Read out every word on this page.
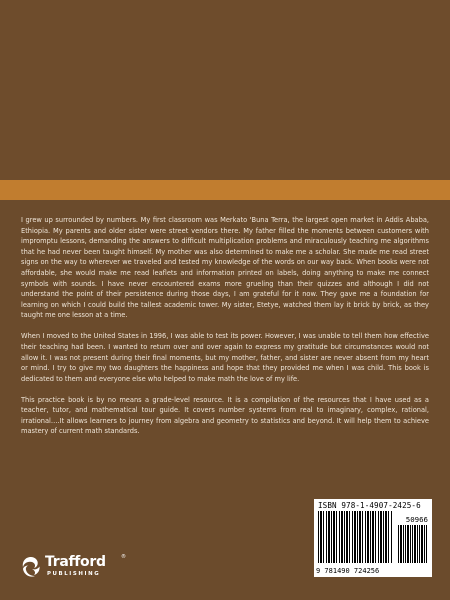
I grew up surrounded by numbers. My first classroom was Merkato 'Buna Terra, the largest open market in Addis Ababa, Ethiopia. My parents and older sister were street vendors there. My father filled the moments between customers with impromptu lessons, demanding the answers to difficult multiplication problems and miraculously teaching me algorithms that he had never been taught himself. My mother was also determined to make me a scholar. She made me read street signs on the way to wherever we traveled and tested my knowledge of the words on our way back. When books were not affordable, she would make me read leaflets and information printed on labels, doing anything to make me connect symbols with sounds. I have never encountered exams more grueling than their quizzes and although I did not understand the point of their persistence during those days, I am grateful for it now. They gave me a foundation for learning on which I could build the tallest academic tower. My sister, Etetye, watched them lay it brick by brick, as they taught me one lesson at a time.

When I moved to the United States in 1996, I was able to test its power. However, I was unable to tell them how effective their teaching had been. I wanted to return over and over again to express my gratitude but circumstances would not allow it. I was not present during their final moments, but my mother, father, and sister are never absent from my heart or mind. I try to give my two daughters the happiness and hope that they provided me when I was child. This book is dedicated to them and everyone else who helped to make math the love of my life.

This practice book is by no means a grade-level resource. It is a compilation of the resources that I have used as a teacher, tutor, and mathematical tour guide. It covers number systems from real to imaginary, complex, rational, irrational….It allows learners to journey from algebra and geometry to statistics and beyond. It will help them to achieve mastery of current math standards.

ISBN 978-1-4907-2425-6
50966
9 781490 724256
Trafford	®
PUBLISHING
